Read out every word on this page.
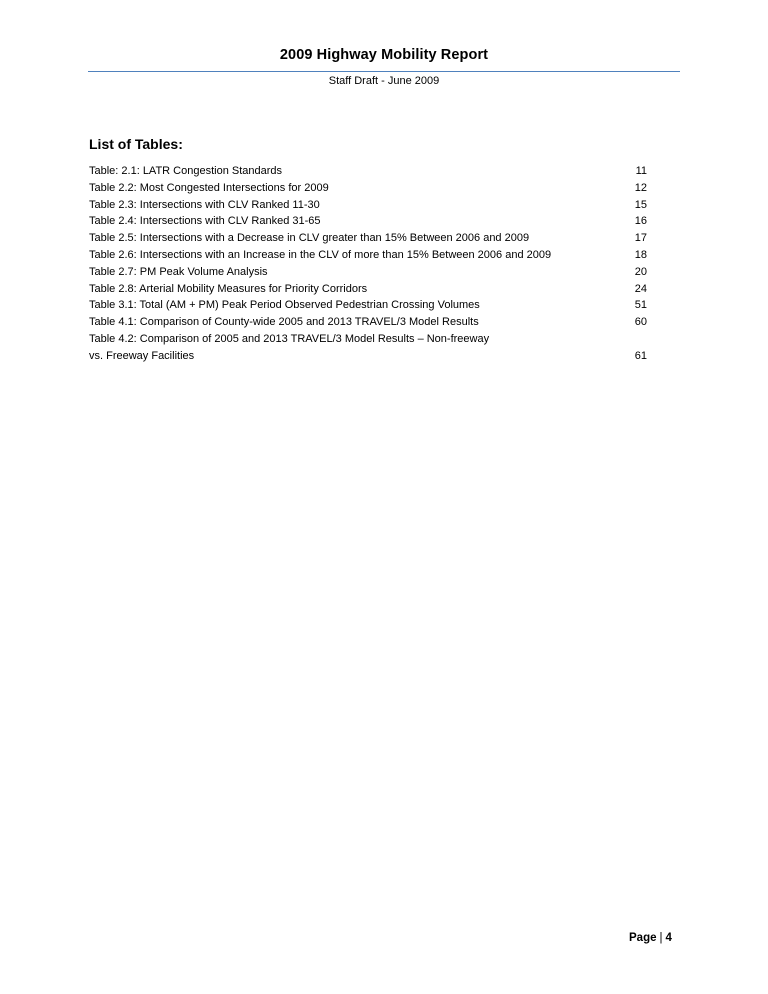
2009 Highway Mobility Report
Staff Draft - June 2009
List of Tables:
Table: 2.1: LATR Congestion Standards	11
Table 2.2: Most Congested Intersections for 2009	12
Table 2.3: Intersections with CLV Ranked 11-30	15
Table 2.4: Intersections with CLV Ranked 31-65	16
Table 2.5: Intersections with a Decrease in CLV greater than 15% Between 2006 and 2009	17
Table 2.6: Intersections with an Increase in the CLV of more than 15% Between 2006 and 2009	18
Table 2.7: PM Peak Volume Analysis	20
Table 2.8: Arterial Mobility Measures for Priority Corridors	24
Table 3.1: Total (AM + PM) Peak Period Observed Pedestrian Crossing Volumes	51
Table 4.1: Comparison of County-wide 2005 and 2013 TRAVEL/3 Model Results	60
Table 4.2: Comparison of 2005 and 2013 TRAVEL/3 Model Results – Non-freeway
vs. Freeway Facilities	61
Page | 4
